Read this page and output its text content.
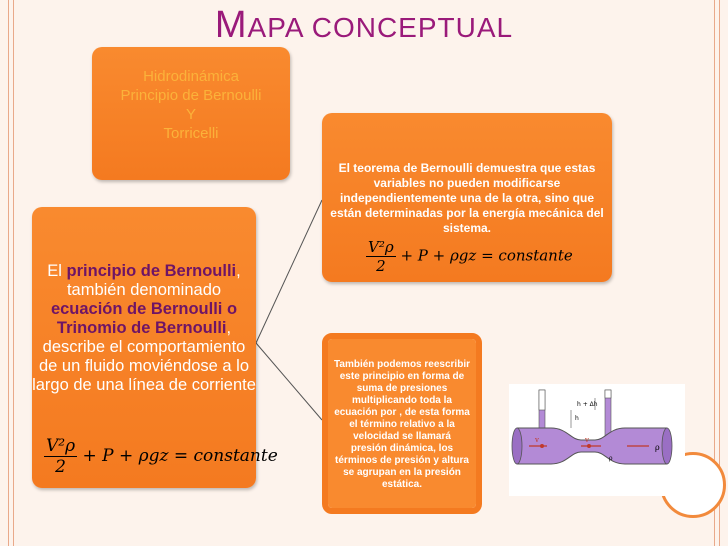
MAPA CONCEPTUAL
Hidrodinámica
Principio de Bernoulli
Y
Torricelli
El principio de Bernoulli, también denominado ecuación de Bernoulli o Trinomio de Bernoulli, describe el comportamiento de un fluido moviéndose a lo largo de una línea de corriente
$\frac{\text{V²ρ}}{2} + P + \rho gz$ = constante
El teorema de Bernoulli demuestra que estas variables no pueden modificarse independientemente una de la otra, sino que están determinadas por la energía mecánica del sistema.
$\frac{\text{V²ρ}}{2} + P + \rho gz$ = constante
También podemos reescribir este principio en forma de suma de presiones multiplicando toda la ecuación por , de esta forma el término relativo a la velocidad se llamará presión dinámica, los términos de presión y altura se agrupan en la presión estática.
h
h + Δh
v	v
ρ
ρ
